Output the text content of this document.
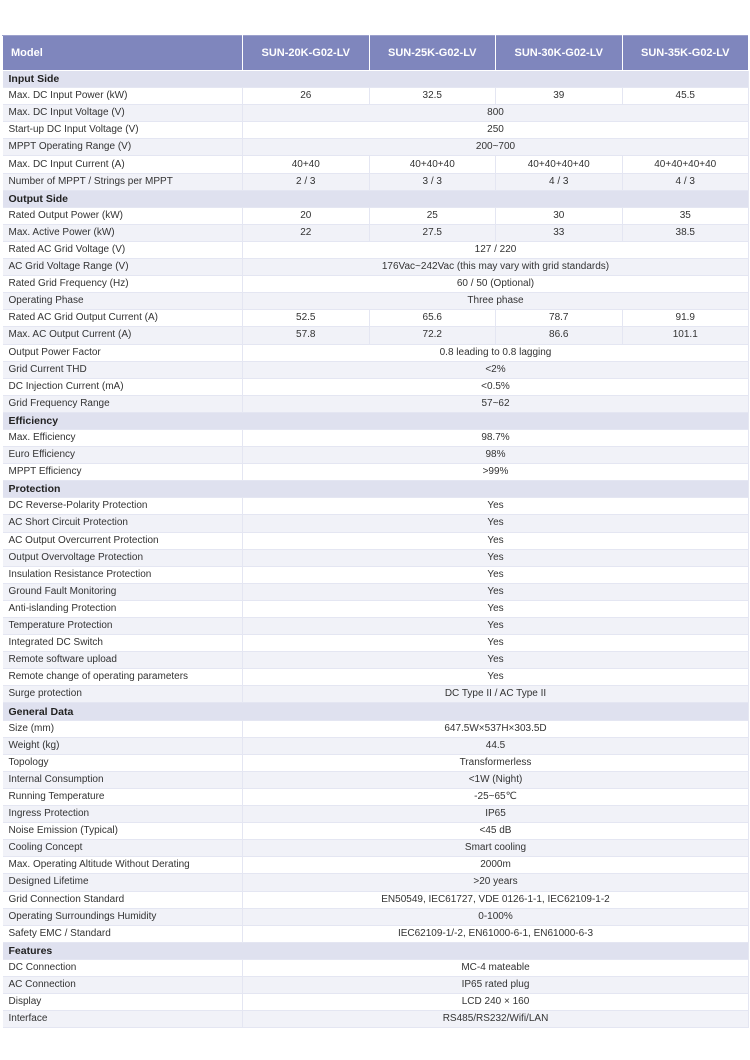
Model	SUN-20K-G02-LV	SUN-25K-G02-LV	SUN-30K-G02-LV	SUN-35K-G02-LV
Input Side				
Max. DC Input Power (kW)	26	32.5	39	45.5
Max. DC Input Voltage (V)	800			
Start-up DC Input Voltage (V)	250			
MPPT Operating Range (V)	200~700			
Max. DC Input Current (A)	40+40	40+40+40	40+40+40+40	40+40+40+40
Number of MPPT / Strings per MPPT	2 / 3	3 / 3	4 / 3	4 / 3
Output Side				
Rated Output Power (kW)	20	25	30	35
Max. Active Power (kW)	22	27.5	33	38.5
Rated AC Grid Voltage (V)	127 / 220			
AC Grid Voltage Range (V)	176Vac~242Vac (this may vary with grid standards)			
Rated Grid Frequency (Hz)	60 / 50 (Optional)			
Operating Phase	Three phase			
Rated AC Grid Output Current (A)	52.5	65.6	78.7	91.9
Max. AC Output Current (A)	57.8	72.2	86.6	101.1
Output Power Factor	0.8 leading to 0.8 lagging			
Grid Current THD	<2%			
DC Injection Current (mA)	<0.5%			
Grid Frequency Range	57~62			
Efficiency				
Max. Efficiency	98.7%			
Euro Efficiency	98%			
MPPT Efficiency	>99%			
Protection				
DC Reverse-Polarity Protection	Yes			
AC Short Circuit Protection	Yes			
AC Output Overcurrent Protection	Yes			
Output Overvoltage Protection	Yes			
Insulation Resistance Protection	Yes			
Ground Fault Monitoring	Yes			
Anti-islanding Protection	Yes			
Temperature Protection	Yes			
Integrated DC Switch	Yes			
Remote software upload	Yes			
Remote change of operating parameters	Yes			
Surge protection	DC Type II / AC Type II			
General Data				
Size (mm)	647.5W×537H×303.5D			
Weight (kg)	44.5			
Topology	Transformerless			
Internal Consumption	<1W (Night)			
Running Temperature	-25~65℃			
Ingress Protection	IP65			
Noise Emission (Typical)	<45 dB			
Cooling Concept	Smart cooling			
Max. Operating Altitude Without Derating	2000m			
Designed Lifetime	>20 years			
Grid Connection Standard	EN50549, IEC61727, VDE 0126-1-1, IEC62109-1-2			
Operating Surroundings Humidity	0-100%			
Safety EMC / Standard	IEC62109-1/-2, EN61000-6-1, EN61000-6-3			
Features				
DC Connection	MC-4 mateable			
AC Connection	IP65 rated plug			
Display	LCD 240 × 160			
Interface	RS485/RS232/Wifi/LAN			
